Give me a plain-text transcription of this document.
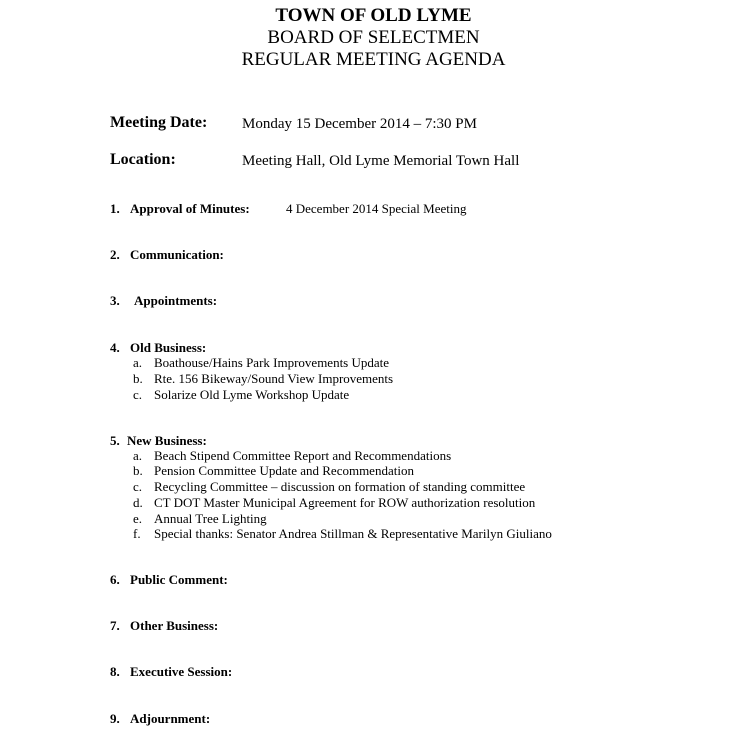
TOWN OF OLD LYME
BOARD OF SELECTMEN
REGULAR MEETING AGENDA
Meeting Date: Monday 15 December 2014 – 7:30 PM
Location:	Meeting Hall, Old Lyme Memorial Town Hall
1. Approval of Minutes:	4 December 2014 Special Meeting
2. Communication:
3. Appointments:
4. Old Business:
a. Boathouse/Hains Park Improvements Update
b. Rte. 156 Bikeway/Sound View Improvements
c. Solarize Old Lyme Workshop Update
5. New Business:
a. Beach Stipend Committee Report and Recommendations
b. Pension Committee Update and Recommendation
c. Recycling Committee – discussion on formation of standing committee
d. CT DOT Master Municipal Agreement for ROW authorization resolution
e. Annual Tree Lighting
f. Special thanks: Senator Andrea Stillman & Representative Marilyn Giuliano
6. Public Comment:
7. Other Business:
8. Executive Session:
9. Adjournment:
